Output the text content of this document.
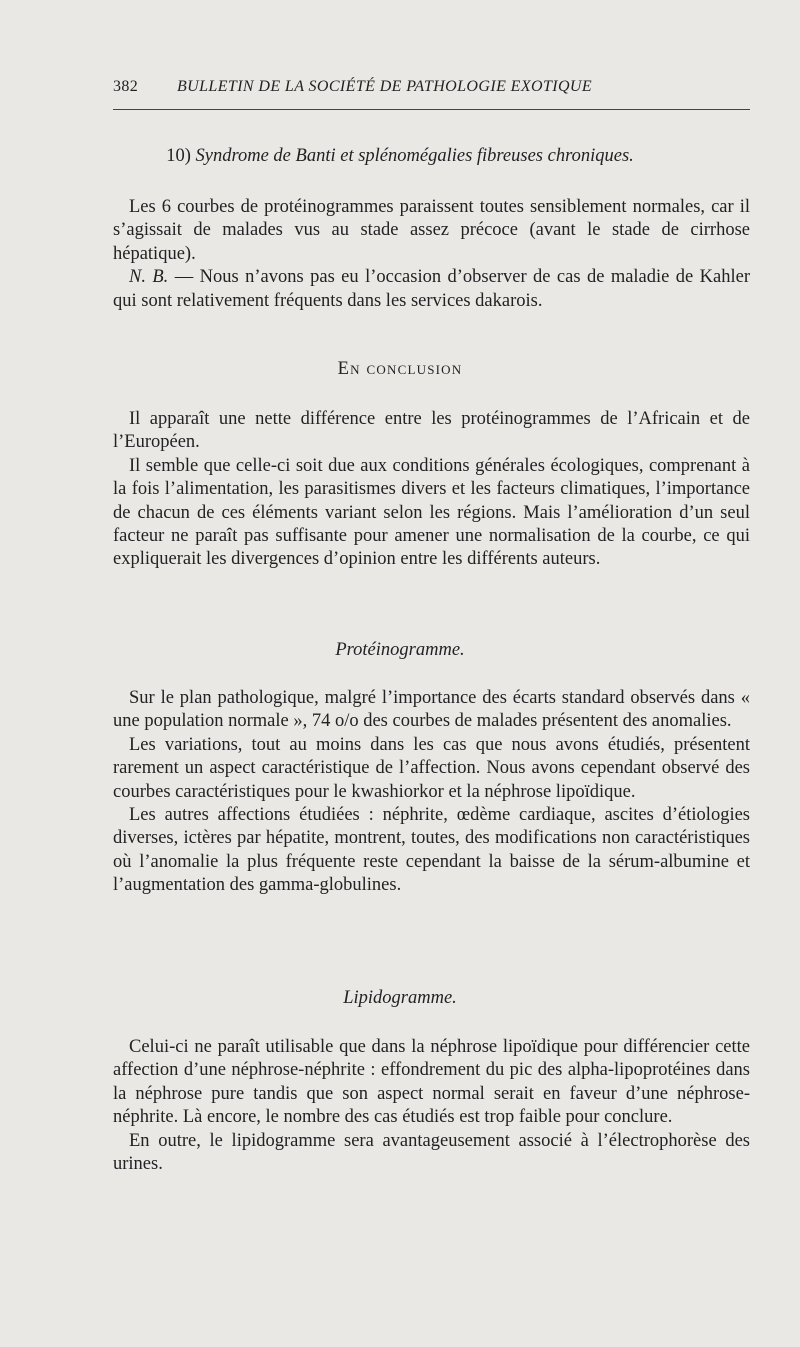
382 BULLETIN DE LA SOCIÉTÉ DE PATHOLOGIE EXOTIQUE
10) Syndrome de Banti et splénomégalies fibreuses chroniques.

Les 6 courbes de protéinogrammes paraissent toutes sensiblement normales, car il s’agissait de malades vus au stade assez précoce (avant le stade de cirrhose hépatique).

N. B. — Nous n’avons pas eu l’occasion d’observer de cas de maladie de Kahler qui sont relativement fréquents dans les services dakarois.

En conclusion

Il apparaît une nette différence entre les protéinogrammes de l’Africain et de l’Européen.

Il semble que celle-ci soit due aux conditions générales écologiques, comprenant à la fois l’alimentation, les parasitismes divers et les facteurs climatiques, l’importance de chacun de ces éléments variant selon les régions. Mais l’amélioration d’un seul facteur ne paraît pas suffisante pour amener une normalisation de la courbe, ce qui expliquerait les divergences d’opinion entre les différents auteurs.

Protéinogramme.

Sur le plan pathologique, malgré l’importance des écarts standard observés dans « une population normale », 74 o/o des courbes de malades présentent des anomalies.

Les variations, tout au moins dans les cas que nous avons étudiés, présentent rarement un aspect caractéristique de l’affection. Nous avons cependant observé des courbes caractéristiques pour le kwashiorkor et la néphrose lipoïdique.

Les autres affections étudiées : néphrite, œdème cardiaque, ascites d’étiologies diverses, ictères par hépatite, montrent, toutes, des modifications non caractéristiques où l’anomalie la plus fréquente reste cependant la baisse de la sérum-albumine et l’augmentation des gamma-globulines.

Lipidogramme.

Celui-ci ne paraît utilisable que dans la néphrose lipoïdique pour différencier cette affection d’une néphrose-néphrite : effondrement du pic des alpha-lipoprotéines dans la néphrose pure tandis que son aspect normal serait en faveur d’une néphrose-néphrite. Là encore, le nombre des cas étudiés est trop faible pour conclure.

En outre, le lipidogramme sera avantageusement associé à l’électrophorèse des urines.
